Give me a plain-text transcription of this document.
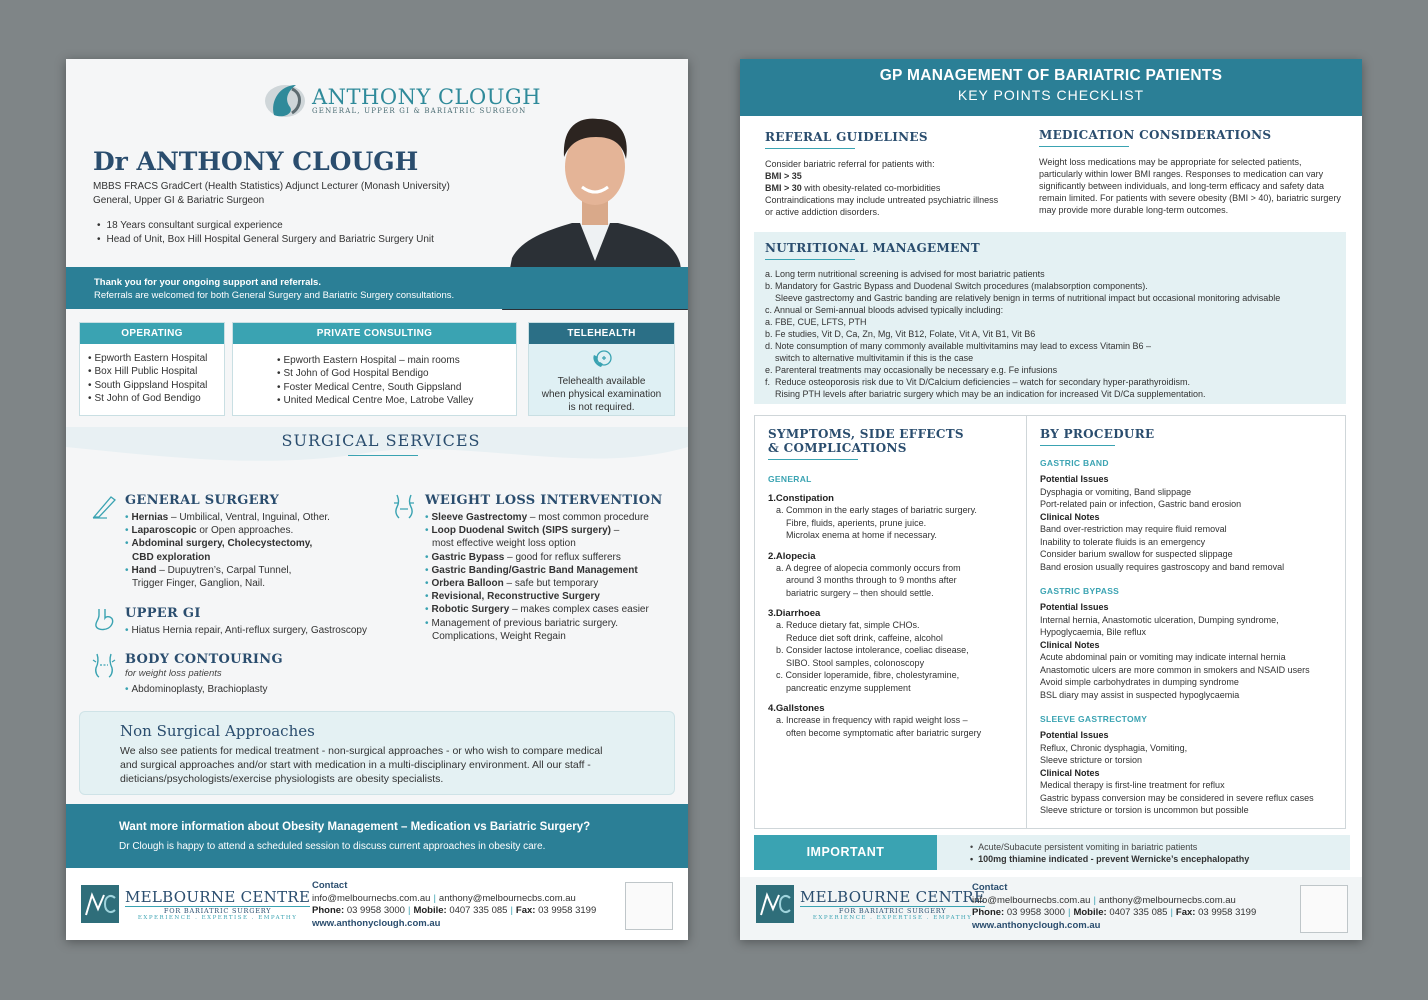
ANTHONY CLOUGH
GENERAL, UPPER GI & BARIATRIC SURGEON
Dr ANTHONY CLOUGH
MBBS FRACS GradCert (Health Statistics) Adjunct Lecturer (Monash University)
General, Upper GI & Bariatric Surgeon
• 18 Years consultant surgical experience
• Head of Unit, Box Hill Hospital General Surgery and Bariatric Surgery Unit
Thank you for your ongoing support and referrals.
Referrals are welcomed for both General Surgery and Bariatric Surgery consultations.
OPERATING
• Epworth Eastern Hospital
• Box Hill Public Hospital
• South Gippsland Hospital
• St John of God Bendigo
PRIVATE CONSULTING
• Epworth Eastern Hospital – main rooms
• St John of God Hospital Bendigo
• Foster Medical Centre, South Gippsland
• United Medical Centre Moe, Latrobe Valley
TELEHEALTH
Telehealth available
when physical examination
is not required.
SURGICAL SERVICES
GENERAL SURGERY
• Hernias – Umbilical, Ventral, Inguinal, Other.
• Laparoscopic or Open approaches.
• Abdominal surgery, Cholecystectomy,
CBD exploration
• Hand – Dupuytren’s, Carpal Tunnel,
Trigger Finger, Ganglion, Nail.
UPPER GI
• Hiatus Hernia repair, Anti-reflux surgery, Gastroscopy
BODY CONTOURING
for weight loss patients
• Abdominoplasty, Brachioplasty
WEIGHT LOSS INTERVENTION
• Sleeve Gastrectomy – most common procedure
• Loop Duodenal Switch (SIPS surgery) –
most effective weight loss option
• Gastric Bypass – good for reflux sufferers
• Gastric Banding/Gastric Band Management
• Orbera Balloon – safe but temporary
• Revisional, Reconstructive Surgery
• Robotic Surgery – makes complex cases easier
• Management of previous bariatric surgery.
Complications, Weight Regain
Non Surgical Approaches
We also see patients for medical treatment - non-surgical approaches - or who wish to compare medical and surgical approaches and/or start with medication in a multi-disciplinary environment. All our staff - dieticians/psychologists/exercise physiologists are obesity specialists.
Want more information about Obesity Management – Medication vs Bariatric Surgery?
Dr Clough is happy to attend a scheduled session to discuss current approaches in obesity care.
MELBOURNE CENTRE
FOR BARIATRIC SURGERY
EXPERIENCE . EXPERTISE . EMPATHY
Contact
info@melbournecbs.com.au | anthony@melbournecbs.com.au
Phone: 03 9958 3000 | Mobile: 0407 335 085 | Fax: 03 9958 3199
www.anthonyclough.com.au
GP MANAGEMENT OF BARIATRIC PATIENTS
KEY POINTS CHECKLIST
REFERAL GUIDELINES
Consider bariatric referral for patients with:
BMI > 35
BMI > 30 with obesity-related co-morbidities
Contraindications may include untreated psychiatric illness or active addiction disorders.
MEDICATION CONSIDERATIONS
Weight loss medications may be appropriate for selected patients, particularly within lower BMI ranges. Responses to medication can vary significantly between individuals, and long-term efficacy and safety data remain limited. For patients with severe obesity (BMI > 40), bariatric surgery may provide more durable long-term outcomes.
NUTRITIONAL MANAGEMENT
a. Long term nutritional screening is advised for most bariatric patients
b. Mandatory for Gastric Bypass and Duodenal Switch procedures (malabsorption components).
Sleeve gastrectomy and Gastric banding are relatively benign in terms of nutritional impact but occasional monitoring advisable
c. Annual or Semi-annual bloods advised typically including:
a. FBE, CUE, LFTS, PTH
b. Fe studies, Vit D, Ca, Zn, Mg, Vit B12, Folate, Vit A, Vit B1, Vit B6
d. Note consumption of many commonly available multivitamins may lead to excess Vitamin B6 –
switch to alternative multivitamin if this is the case
e. Parenteral treatments may occasionally be necessary e.g. Fe infusions
f.  Reduce osteoporosis risk due to Vit D/Calcium deficiencies – watch for secondary hyper-parathyroidism.
Rising PTH levels after bariatric surgery which may be an indication for increased Vit D/Ca supplementation.
SYMPTOMS, SIDE EFFECTS
& COMPLICATIONS
GENERAL
1.Constipation
a. Common in the early stages of bariatric surgery.
Fibre, fluids, aperients, prune juice.
Microlax enema at home if necessary.
2.Alopecia
a. A degree of alopecia commonly occurs from
around 3 months through to 9 months after
bariatric surgery – then should settle.
3.Diarrhoea
a. Reduce dietary fat, simple CHOs.
Reduce diet soft drink, caffeine, alcohol
b. Consider lactose intolerance, coeliac disease,
SIBO. Stool samples, colonoscopy
c. Consider loperamide, fibre, cholestyramine,
pancreatic enzyme supplement
4.Gallstones
a. Increase in frequency with rapid weight loss –
often become symptomatic after bariatric surgery
BY PROCEDURE
GASTRIC BAND
Potential Issues
Dysphagia or vomiting, Band slippage
Port-related pain or infection, Gastric band erosion
Clinical Notes
Band over-restriction may require fluid removal
Inability to tolerate fluids is an emergency
Consider barium swallow for suspected slippage
Band erosion usually requires gastroscopy and band removal
GASTRIC BYPASS
Potential Issues
Internal hernia, Anastomotic ulceration, Dumping syndrome,
Hypoglycaemia, Bile reflux
Clinical Notes
Acute abdominal pain or vomiting may indicate internal hernia
Anastomotic ulcers are more common in smokers and NSAID users
Avoid simple carbohydrates in dumping syndrome
BSL diary may assist in suspected hypoglycaemia
SLEEVE GASTRECTOMY
Potential Issues
Reflux, Chronic dysphagia, Vomiting,
Sleeve stricture or torsion
Clinical Notes
Medical therapy is first-line treatment for reflux
Gastric bypass conversion may be considered in severe reflux cases
Sleeve stricture or torsion is uncommon but possible
IMPORTANT
•	Acute/Subacute persistent vomiting in bariatric patients
• 100mg thiamine indicated - prevent Wernicke’s encephalopathy
MELBOURNE CENTRE
FOR BARIATRIC SURGERY
EXPERIENCE . EXPERTISE . EMPATHY
Contact
info@melbournecbs.com.au | anthony@melbournecbs.com.au
Phone: 03 9958 3000 | Mobile: 0407 335 085 | Fax: 03 9958 3199
www.anthonyclough.com.au
